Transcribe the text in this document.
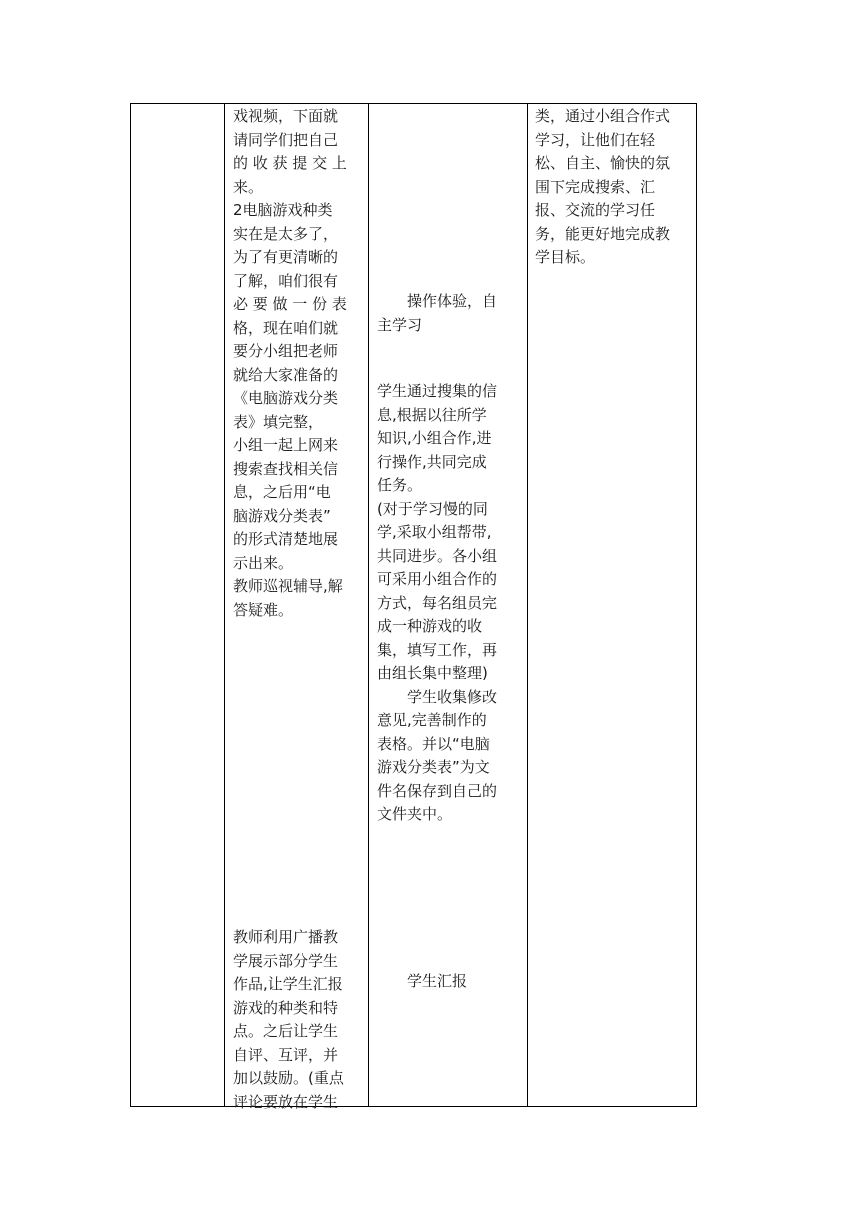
戏视频，下面就

请同学们把自己

的 收 获 提 交 上

来。

2电脑游戏种类

实在是太多了，

为了有更清晰的

了解，咱们很有

必 要 做 一 份 表

格，现在咱们就

要分小组把老师

就给大家准备的

《电脑游戏分类

表》填完整，

小组一起上网来

搜索查找相关信

息，之后用“电

脑游戏分类表”

的形式清楚地展

示出来。

教师巡视辅导,解

答疑难。

教师利用广播教

学展示部分学生

作品,让学生汇报

游戏的种类和特

点。之后让学生

自评、互评，并

加以鼓励。(重点

评论要放在学生

操作体验，自

主学习

学生通过搜集的信

息,根据以往所学

知识,小组合作,进

行操作,共同完成

任务。

(对于学习慢的同

学,采取小组帮带,

共同进步。各小组

可采用小组合作的

方式，每名组员完

成一种游戏的收

集，填写工作，再

由组长集中整理)

学生收集修改

意见,完善制作的

表格。并以“电脑

游戏分类表”为文

件名保存到自己的

文件夹中。

学生汇报

类，通过小组合作式

学习，让他们在轻

松、自主、愉快的氛

围下完成搜索、汇

报、交流的学习任

务，能更好地完成教

学目标。
